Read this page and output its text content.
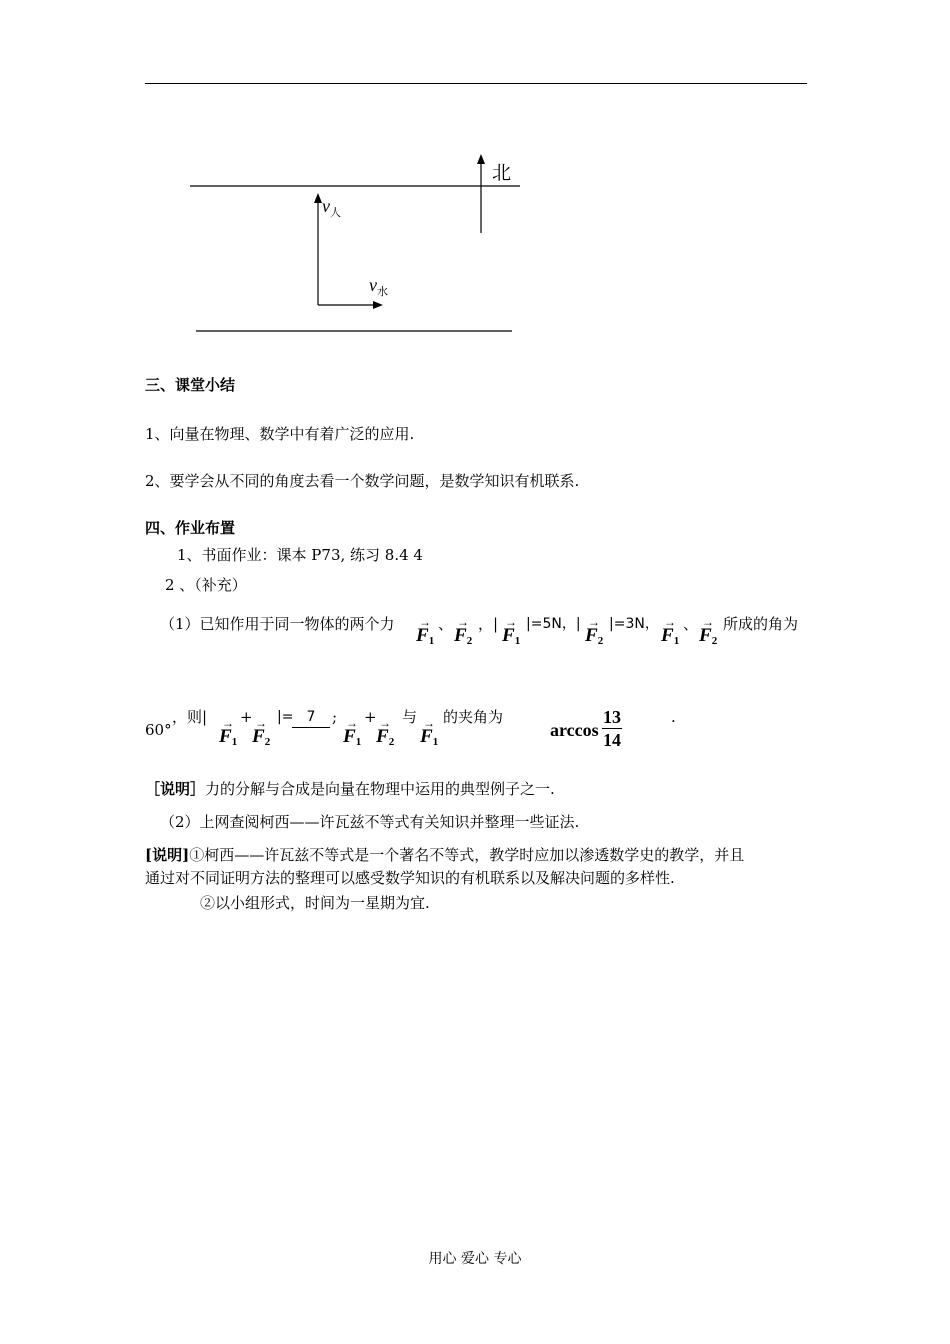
北
$v_人$
$v_水$
三、课堂小结
1、向量在物理、数学中有着广泛的应用.
2、要学会从不同的角度去看一个数学问题，是数学知识有机联系.
四、作业布置
1、书面作业：课本 P73, 练习 8.4 4
2 、（补充）
（1）已知作用于同一物体的两个力 →
$F_1$
、 →
$F_2$
，| →
$F_1$
|=5N，| →
$F_2$
|=3N， →
$F_1$
、 →
$F_2$
所成的角为
60°
，则| →
$F_1$
+ →
$F_2$
|= 7	; →
$F_1$
+ →
$F_2$
与 →
$F_1$
的夹角为
$\arccos \frac{13}{14}$	.
［说明］力的分解与合成是向量在物理中运用的典型例子之一.
（2）上网查阅柯西——许瓦兹不等式有关知识并整理一些证法.
[说明]①柯西——许瓦兹不等式是一个著名不等式，教学时应加以渗透数学史的教学，并且
通过对不同证明方法的整理可以感受数学知识的有机联系以及解决问题的多样性.
②以小组形式，时间为一星期为宜.
用心 爱心 专心
